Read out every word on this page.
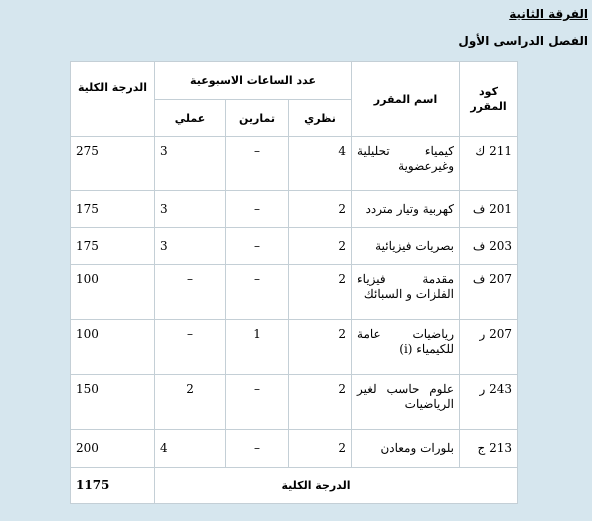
الفرقة الثانية
الفصل الدراسى الأول
كود المقرر	اسم المقرر	عدد الساعات الاسبوعية			الدرجة الكلية
		نظري	تمارين	عملي	
211 ك	كيمياء تحليلية وغيرعضوية	4	–	3	275
201 ف	كهربية وتيار متردد	2	–	3	175
203 ف	بصريات فيزيائية	2	–	3	175
207 ف	مقدمة فيزياء الفلزات و السبائك	2	–	–	100
207 ر	رياضيات عامة للكيمياء (i)	2	1	–	100
243 ر	علوم حاسب لغير الرياضيات	2	–	2	150
213 ج	بلورات ومعادن	2	–	4	200
الدرجة الكلية					1175
